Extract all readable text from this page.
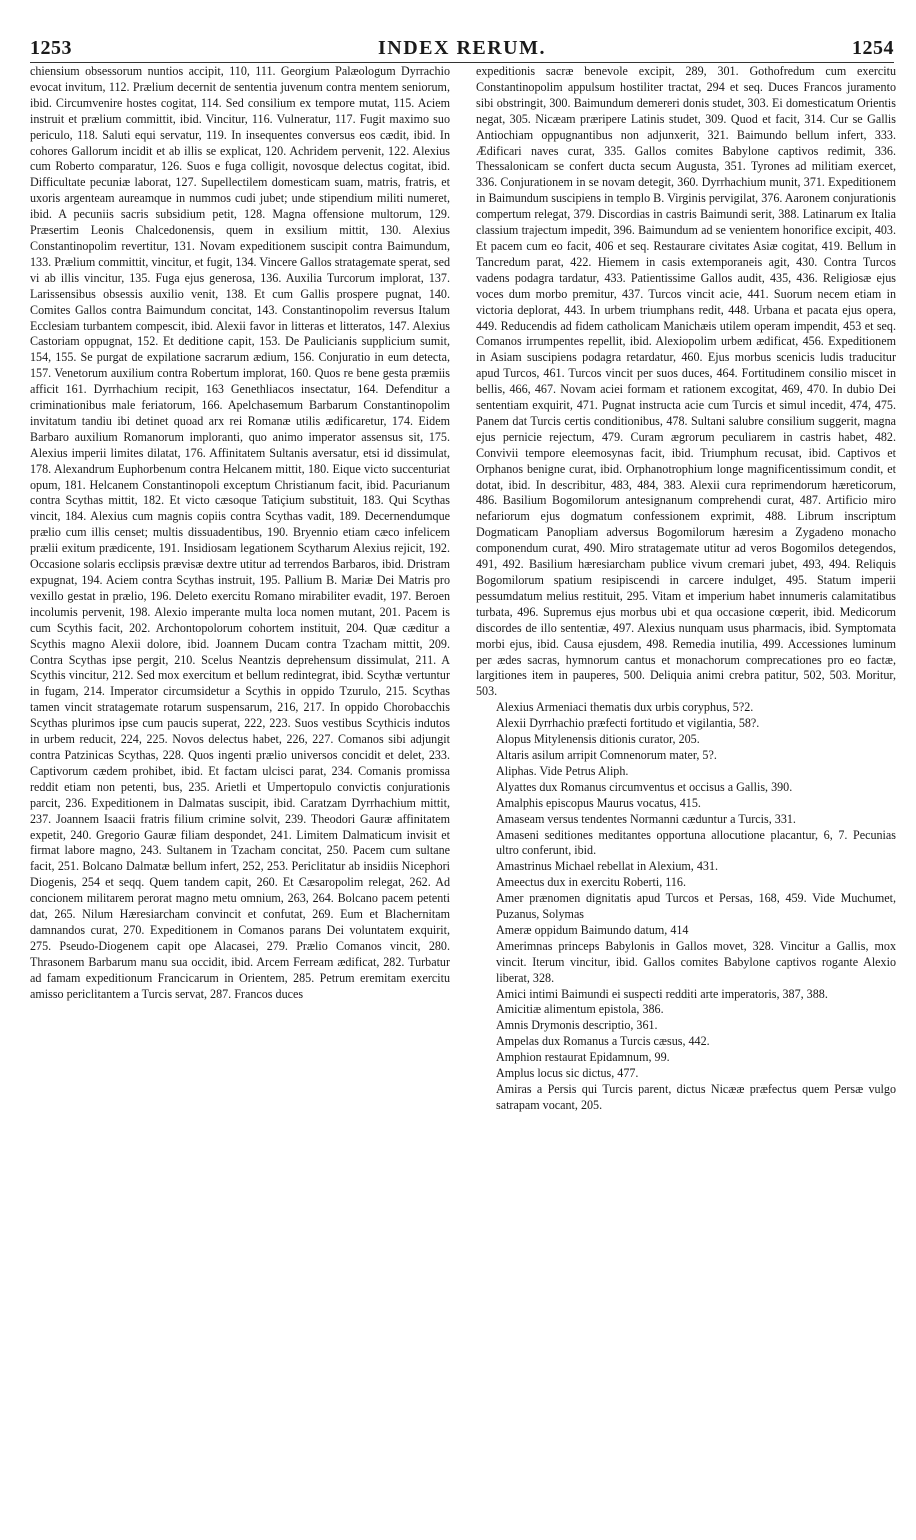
1253	INDEX RERUM.	1254

chiensium obsessorum nuntios accipit, 110, 111. Georgium Palæologum Dyrrachio evocat invitum, 112. Prælium decernit de sententia juvenum contra mentem seniorum, ibid. Circumvenire hostes cogitat, 114. Sed consilium ex tempore mutat, 115. Aciem instruit et prælium committit, ibid. Vincitur, 116. Vulneratur, 117. Fugit maximo suo periculo, 118. Saluti equi servatur, 119. In insequentes conversus eos cædit, ibid. In cohores Gallorum incidit et ab illis se explicat, 120. Achridem pervenit, 122. Alexius cum Roberto comparatur, 126. Suos e fuga colligit, novosque delectus cogitat, ibid. Difficultate pecuniæ laborat, 127. Supellectilem domesticam suam, matris, fratris, et uxoris argenteam aureamque in nummos cudi jubet; unde stipendium militi numeret, ibid. A pecuniis sacris subsidium petit, 128. Magna offensione multorum, 129. Præsertim Leonis Chalcedonensis, quem in exsilium mittit, 130. Alexius Constantinopolim revertitur, 131. Novam expeditionem suscipit contra Baimundum, 133. Prælium committit, vincitur, et fugit, 134. Vincere Gallos stratagemate sperat, sed vi ab illis vincitur, 135. Fuga ejus generosa, 136. Auxilia Turcorum implorat, 137. Larissensibus obsessis auxilio venit, 138. Et cum Gallis prospere pugnat, 140. Comites Gallos contra Baimundum concitat, 143. Constantinopolim reversus Italum Ecclesiam turbantem compescit, ibid. Alexii favor in litteras et litteratos, 147. Alexius Castoriam oppugnat, 152. Et deditione capit, 153. De Paulicianis supplicium sumit, 154, 155. Se purgat de expilatione sacrarum ædium, 156. Conjuratio in eum detecta, 157. Venetorum auxilium contra Robertum implorat, 160. Quos re bene gesta præmiis afficit 161. Dyrrhachium recipit, 163 Genethliacos insectatur, 164. Defenditur a criminationibus male feriatorum, 166. Apelchasemum Barbarum Constantinopolim invitatum tandiu ibi detinet quoad arx rei Romanæ utilis ædificaretur, 174. Eidem Barbaro auxilium Romanorum imploranti, quo animo imperator assensus sit, 175. Alexius imperii limites dilatat, 176. Affinitatem Sultanis aversatur, etsi id dissimulat, 178. Alexandrum Euphorbenum contra Helcanem mittit, 180. Eique victo succenturiat opum, 181. Helcanem Constantinopoli exceptum Christianum facit, ibid. Pacurianum contra Scythas mittit, 182. Et victo cæsoque Tatiçium substituit, 183. Qui Scythas vincit, 184. Alexius cum magnis copiis contra Scythas vadit, 189. Decernendumque prælio cum illis censet; multis dissuadentibus, 190. Bryennio etiam cæco infelicem prælii exitum prædicente, 191. Insidiosam legationem Scytharum Alexius rejicit, 192. Occasione solaris ecclipsis prævisæ dextre utitur ad terrendos Barbaros, ibid. Dristram expugnat, 194. Aciem contra Scythas instruit, 195. Pallium B. Mariæ Dei Matris pro vexillo gestat in prælio, 196. Deleto exercitu Romano mirabiliter evadit, 197. Beroen incolumis pervenit, 198. Alexio imperante multa loca nomen mutant, 201. Pacem is cum Scythis facit, 202. Archontopolorum cohortem instituit, 204. Quæ cæditur a Scythis magno Alexii dolore, ibid. Joannem Ducam contra Tzacham mittit, 209. Contra Scythas ipse pergit, 210. Scelus Neantzis deprehensum dissimulat, 211. A Scythis vincitur, 212. Sed mox exercitum et bellum redintegrat, ibid. Scythæ vertuntur in fugam, 214. Imperator circumsidetur a Scythis in oppido Tzurulo, 215. Scythas tamen vincit stratagemate rotarum suspensarum, 216, 217. In oppido Chorobacchis Scythas plurimos ipse cum paucis superat, 222, 223. Suos vestibus Scythicis indutos in urbem reducit, 224, 225. Novos delectus habet, 226, 227. Comanos sibi adjungit contra Patzinicas Scythas, 228. Quos ingenti prælio universos concidit et delet, 233. Captivorum cædem prohibet, ibid. Et factam ulcisci parat, 234. Comanis promissa reddit etiam non petenti, bus, 235. Arietli et Umpertopulo convictis conjurationis parcit, 236. Expeditionem in Dalmatas suscipit, ibid. Caratzam Dyrrhachium mittit, 237. Joannem Isaacii fratris filium crimine solvit, 239. Theodori Gauræ affinitatem expetit, 240. Gregorio Gauræ filiam despondet, 241. Limitem Dalmaticum invisit et firmat labore magno, 243. Sultanem in Tzacham concitat, 250. Pacem cum sultane facit, 251. Bolcano Dalmatæ bellum infert, 252, 253. Periclitatur ab insidiis Nicephori Diogenis, 254 et seqq. Quem tandem capit, 260. Et Cæsaropolim relegat, 262. Ad concionem militarem perorat magno metu omnium, 263, 264. Bolcano pacem petenti dat, 265. Nilum Hæresiarcham convincit et confutat, 269. Eum et Blachernitam damnandos curat, 270. Expeditionem in Comanos parans Dei voluntatem exquirit, 275. Pseudo-Diogenem capit ope Alacasei, 279. Prælio Comanos vincit, 280. Thrasonem Barbarum manu sua occidit, ibid. Arcem Ferream ædificat, 282. Turbatur ad famam expeditionum Francicarum in Orientem, 285. Petrum eremitam exercitu amisso periclitantem a Turcis servat, 287. Francos duces

expeditionis sacræ benevole excipit, 289, 301. Gothofredum cum exercitu Constantinopolim appulsum hostiliter tractat, 294 et seq. Duces Francos juramento sibi obstringit, 300. Baimundum demereri donis studet, 303. Ei domesticatum Orientis negat, 305. Nicæam præripere Latinis studet, 309. Quod et facit, 314. Cur se Gallis Antiochiam oppugnantibus non adjunxerit, 321. Baimundo bellum infert, 333. Ædificari naves curat, 335. Gallos comites Babylone captivos redimit, 336. Thessalonicam se confert ducta secum Augusta, 351. Tyrones ad militiam exercet, 336. Conjurationem in se novam detegit, 360. Dyrrhachium munit, 371. Expeditionem in Baimundum suscipiens in templo B. Virginis pervigilat, 376. Aaronem conjurationis compertum relegat, 379. Discordias in castris Baimundi serit, 388. Latinarum ex Italia classium trajectum impedit, 396. Baimundum ad se venientem honorifice excipit, 403. Et pacem cum eo facit, 406 et seq. Restaurare civitates Asiæ cogitat, 419. Bellum in Tancredum parat, 422. Hiemem in casis extemporaneis agit, 430. Contra Turcos vadens podagra tardatur, 433. Patientissime Gallos audit, 435, 436. Religiosæ ejus voces dum morbo premitur, 437. Turcos vincit acie, 441. Suorum necem etiam in victoria deplorat, 443. In urbem triumphans redit, 448. Urbana et pacata ejus opera, 449. Reducendis ad fidem catholicam Manichæis utilem operam impendit, 453 et seq. Comanos irrumpentes repellit, ibid. Alexiopolim urbem ædificat, 456. Expeditionem in Asiam suscipiens podagra retardatur, 460. Ejus morbus scenicis ludis traducitur apud Turcos, 461. Turcos vincit per suos duces, 464. Fortitudinem consilio miscet in bellis, 466, 467. Novam aciei formam et rationem excogitat, 469, 470. In dubio Dei sententiam exquirit, 471. Pugnat instructa acie cum Turcis et simul incedit, 474, 475. Panem dat Turcis certis conditionibus, 478. Sultani salubre consilium suggerit, magna ejus pernicie rejectum, 479. Curam ægrorum peculiarem in castris habet, 482. Convivii tempore eleemosynas facit, ibid. Triumphum recusat, ibid. Captivos et Orphanos benigne curat, ibid. Orphanotrophium longe magnificentissimum condit, et dotat, ibid. In describitur, 483, 484, 383. Alexii cura reprimendorum hæreticorum, 486. Basilium Bogomilorum antesignanum comprehendi curat, 487. Artificio miro nefariorum ejus dogmatum confessionem exprimit, 488. Librum inscriptum Dogmaticam Panopliam adversus Bogomilorum hæresim a Zygadeno monacho componendum curat, 490. Miro stratagemate utitur ad veros Bogomilos detegendos, 491, 492. Basilium hæresiarcham publice vivum cremari jubet, 493, 494. Reliquis Bogomilorum spatium resipiscendi in carcere indulget, 495. Statum imperii pessumdatum melius restituit, 295. Vitam et imperium habet innumeris calamitatibus turbata, 496. Supremus ejus morbus ubi et qua occasione cœperit, ibid. Medicorum discordes de illo sententiæ, 497. Alexius nunquam usus pharmacis, ibid. Symptomata morbi ejus, ibid. Causa ejusdem, 498. Remedia inutilia, 499. Accessiones luminum per ædes sacras, hymnorum cantus et monachorum comprecationes pro eo factæ, largitiones item in pauperes, 500. Deliquia animi crebra patitur, 502, 503. Moritur, 503.

Alexius Armeniaci thematis dux urbis coryphus, 5?2.

Alexii Dyrrhachio præfecti fortitudo et vigilantia, 58?.

Alopus Mitylenensis ditionis curator, 205.

Altaris asilum arripit Comnenorum mater, 5?.

Aliphas. Vide Petrus Aliph.

Alyattes dux Romanus circumventus et occisus a Gallis, 390.

Amalphis episcopus Maurus vocatus, 415.

Amaseam versus tendentes Normanni cæduntur a Turcis, 331.

Amaseni seditiones meditantes opportuna allocutione placantur, 6, 7. Pecunias ultro conferunt, ibid.

Amastrinus Michael rebellat in Alexium, 431.

Ameectus dux in exercitu Roberti, 116.

Amer prænomen dignitatis apud Turcos et Persas, 168, 459. Vide Muchumet, Puzanus, Solymas

Ameræ oppidum Baimundo datum, 414

Amerimnas princeps Babylonis in Gallos movet, 328. Vincitur a Gallis, mox vincit. Iterum vincitur, ibid. Gallos comites Babylone captivos rogante Alexio liberat, 328.

Amici intimi Baimundi ei suspecti redditi arte imperatoris, 387, 388.

Amicitiæ alimentum epistola, 386.

Amnis Drymonis descriptio, 361.

Ampelas dux Romanus a Turcis cæsus, 442.

Amphion restaurat Epidamnum, 99.

Amplus locus sic dictus, 477.

Amiras a Persis qui Turcis parent, dictus Nicææ præfectus quem Persæ vulgo satrapam vocant, 205.
